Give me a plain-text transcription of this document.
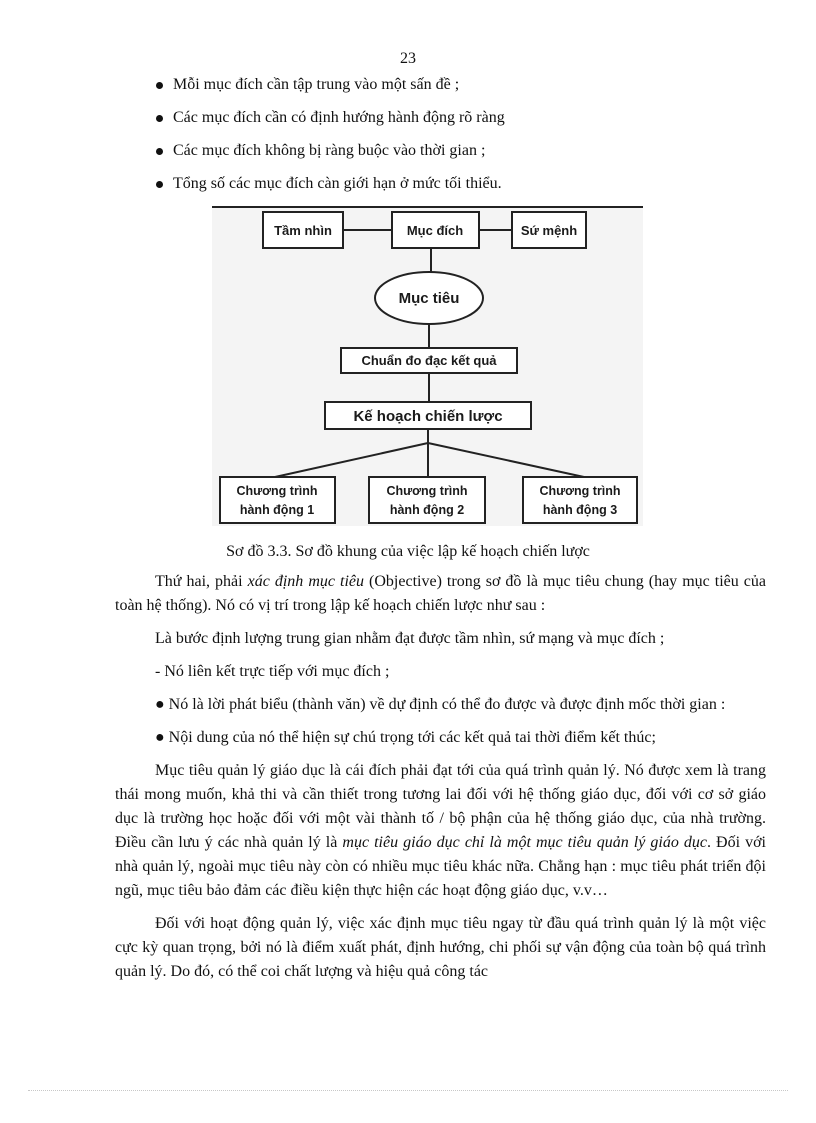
23
Mỗi mục đích cần tập trung vào một sấn đề ;
Các mục đích cần có định hướng hành động rõ ràng
Các mục đích không bị ràng buộc vào thời gian ;
Tổng số các mục đích càn giới hạn ở mức tối thiểu.
Tầm nhìn	Mục đích	Sứ mệnh
Mục tiêu
Chuẩn đo đạc kết quả
Kế hoạch chiến lược
Chương trình
hành động 1
Chương trình
hành động 2
Chương trình
hành động 3
Sơ đồ 3.3. Sơ đồ khung của việc lập kế hoạch chiến lược

Thứ hai, phải xác định mục tiêu (Objective) trong sơ đồ là mục tiêu chung (hay mục tiêu của toàn hệ thống). Nó có vị trí trong lập kế hoạch chiến lược như sau :

Là bước định lượng trung gian nhằm đạt được tầm nhìn, sứ mạng và mục đích ;

- Nó liên kết trực tiếp với mục đích ;

● Nó là lời phát biểu (thành văn) về dự định có thể đo được và được định mốc thời gian :

● Nội dung của nó thể hiện sự chú trọng tới các kết quả tai thời điểm kết thúc;

Mục tiêu quản lý giáo dục là cái đích phải đạt tới của quá trình quản lý. Nó được xem là trang thái mong muốn, khả thi và cần thiết trong tương lai đối với hệ thống giáo dục, đối với cơ sở giáo dục là trường học hoặc đối với một vài thành tố / bộ phận của hệ thống giáo dục, của nhà trường. Điều cần lưu ý các nhà quản lý là mục tiêu giáo dục chỉ là một mục tiêu quản lý giáo dục. Đối với nhà quản lý, ngoài mục tiêu này còn có nhiều mục tiêu khác nữa. Chẳng hạn : mục tiêu phát triển đội ngũ, mục tiêu bảo đảm các điều kiện thực hiện các hoạt động giáo dục, v.v…

Đối với hoạt động quản lý, việc xác định mục tiêu ngay từ đầu quá trình quản lý là một việc cực kỳ quan trọng, bởi nó là điểm xuất phát, định hướng, chi phối sự vận động của toàn bộ quá trình quản lý. Do đó, có thể coi chất lượng và hiệu quả công tác
